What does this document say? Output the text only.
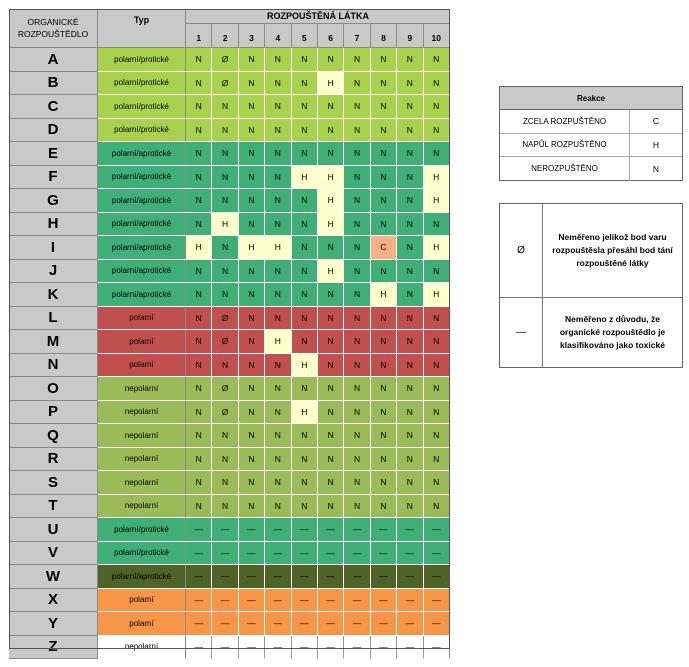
ORGANICKÉ ROZPOUŠTĚDLO
Typ	ROZPOUŠTĚNÁ LÁTKA
1	2	3	4	5	6	7	8	9	10
A	polarní/protické	N	Ø	N	N	N	N	N	N	N	N
B	polarní/protické	N	Ø	N	N	N	H	N	N	N	N
C	polarní/protické	N	N	N	N	N	N	N	N	N	N
D	polarní/protické	N	N	N	N	N	N	N	N	N	N
E	polarní/aprotické	N	N	N	N	N	N	N	N	N	N
F	polarní/aprotické	N	N	N	N	H	H	N	N	N	H
G	polarní/aprotické	N	N	N	N	N	H	N	N	N	H
H	polarní/aprotické	N	H	N	N	N	H	N	N	N	N
I	polarní/aprotické	H	N	H	H	N	N	N	C	N	H
J	polarní/aprotické	N	N	N	N	N	H	N	N	N	N
K	polarní/aprotické	N	N	N	N	N	N	N	H	N	H
L	polarní	N	Ø	N	N	N	N	N	N	N	N
M	polarní	N	Ø	N	H	N	N	N	N	N	N
N	polarní	N	N	N	N	H	N	N	N	N	N
O	nepolarní	N	Ø	N	N	N	N	N	N	N	N
P	nepolarní	N	Ø	N	N	H	N	N	N	N	N
Q	nepolarní	N	N	N	N	N	N	N	N	N	N
R	nepolarní	N	N	N	N	N	N	N	N	N	N
S	nepolarní	N	N	N	N	N	N	N	N	N	N
T	nepolarní	N	N	N	N	N	N	N	N	N	N
U	polarní/protické	—	—	—	—	—	—	—	—	—	—
V	polarní/protické	—	—	—	—	—	—	—	—	—	—
W	polarní/aprotické	—	—	—	—	—	—	—	—	—	—
X	polarní	—	—	—	—	—	—	—	—	—	—
Y	polarní	—	—	—	—	—	—	—	—	—	—
Z	nepolarní	—	—	—	—	—	—	—	—	—	—
Reakce
ZCELA ROZPUŠTĚNO	C
NAPŮL ROZPUŠTĚNO	H
NEROZPUŠTĚNO	N
Ø
Neměřeno jelikož bod varu rozpouštěsla přesáhl bod tání rozpouštěné látky
—
Neměřeno z důvodu, že organické rozpouštědlo je klasifikováno jako toxické
